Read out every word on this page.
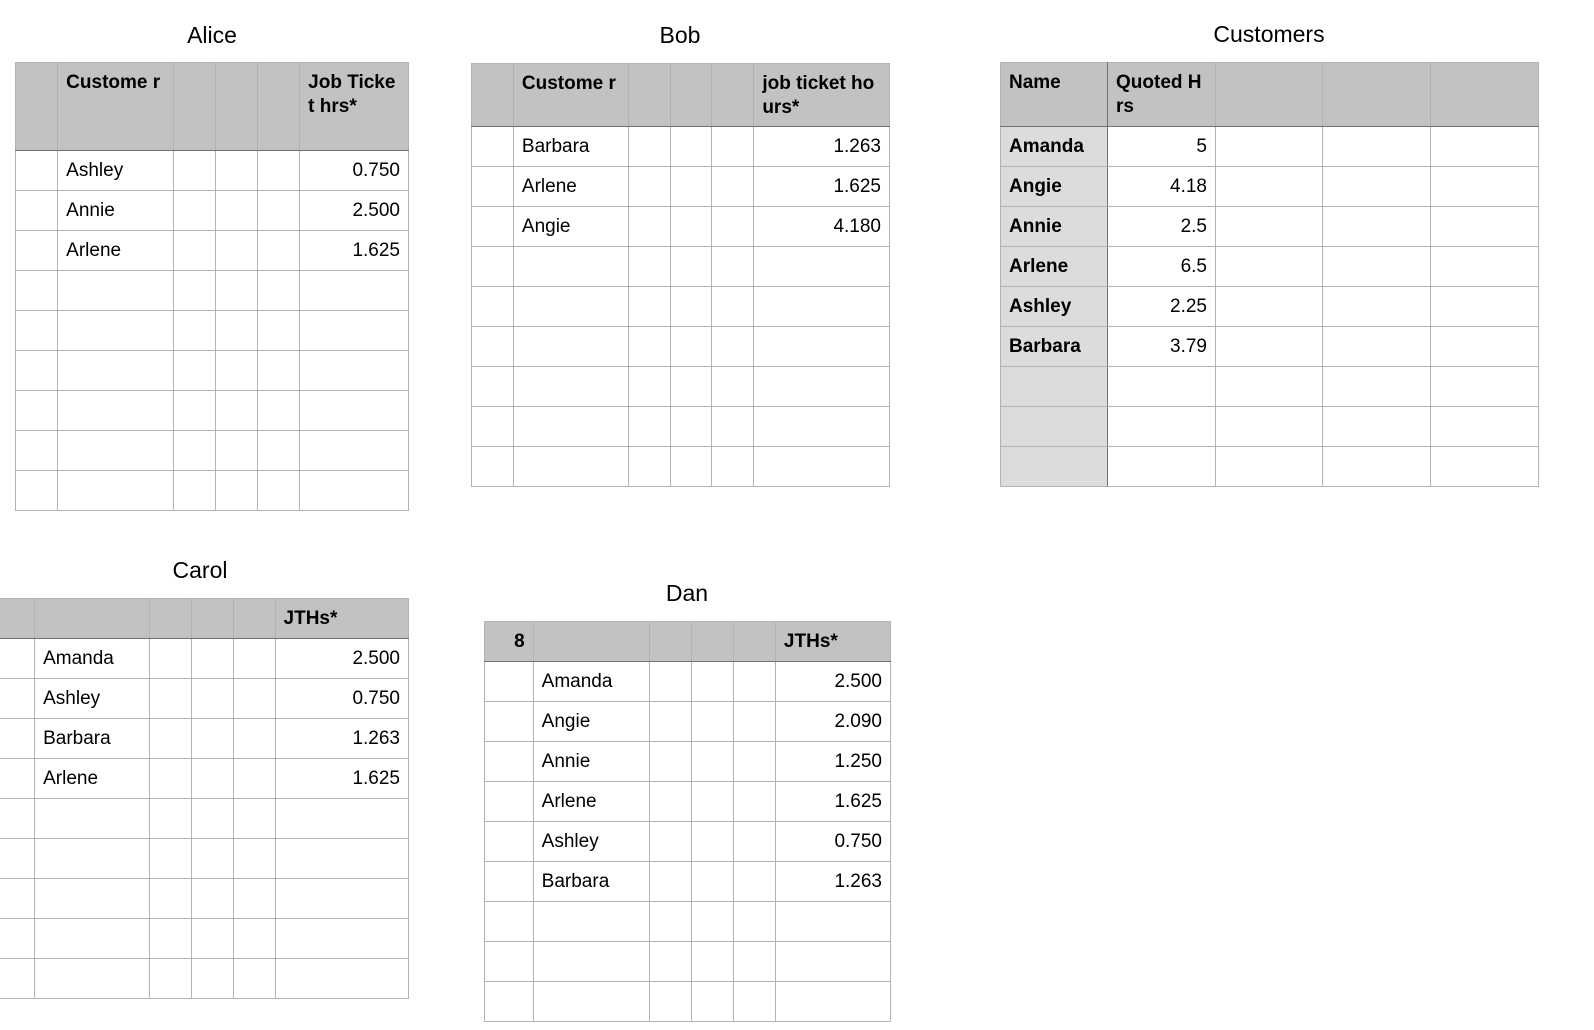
Alice	Bob	Customers
Carol
Dan
	Custome r				Job Ticket hrs*
	Ashley				0.750
	Annie				2.500
	Arlene				1.625

	Custome r				job ticket hours*
	Barbara				1.263
	Arlene				1.625
	Angie				4.180

Name	Quoted Hrs			
Amanda	5			
Angie	4.18			
Annie	2.5			
Arlene	6.5			
Ashley	2.25			
Barbara	3.79			

					JTHs*
	Amanda				2.500
	Ashley				0.750
	Barbara				1.263
	Arlene				1.625

8					JTHs*
	Amanda				2.500
	Angie				2.090
	Annie				1.250
	Arlene				1.625
	Ashley				0.750
	Barbara				1.263
